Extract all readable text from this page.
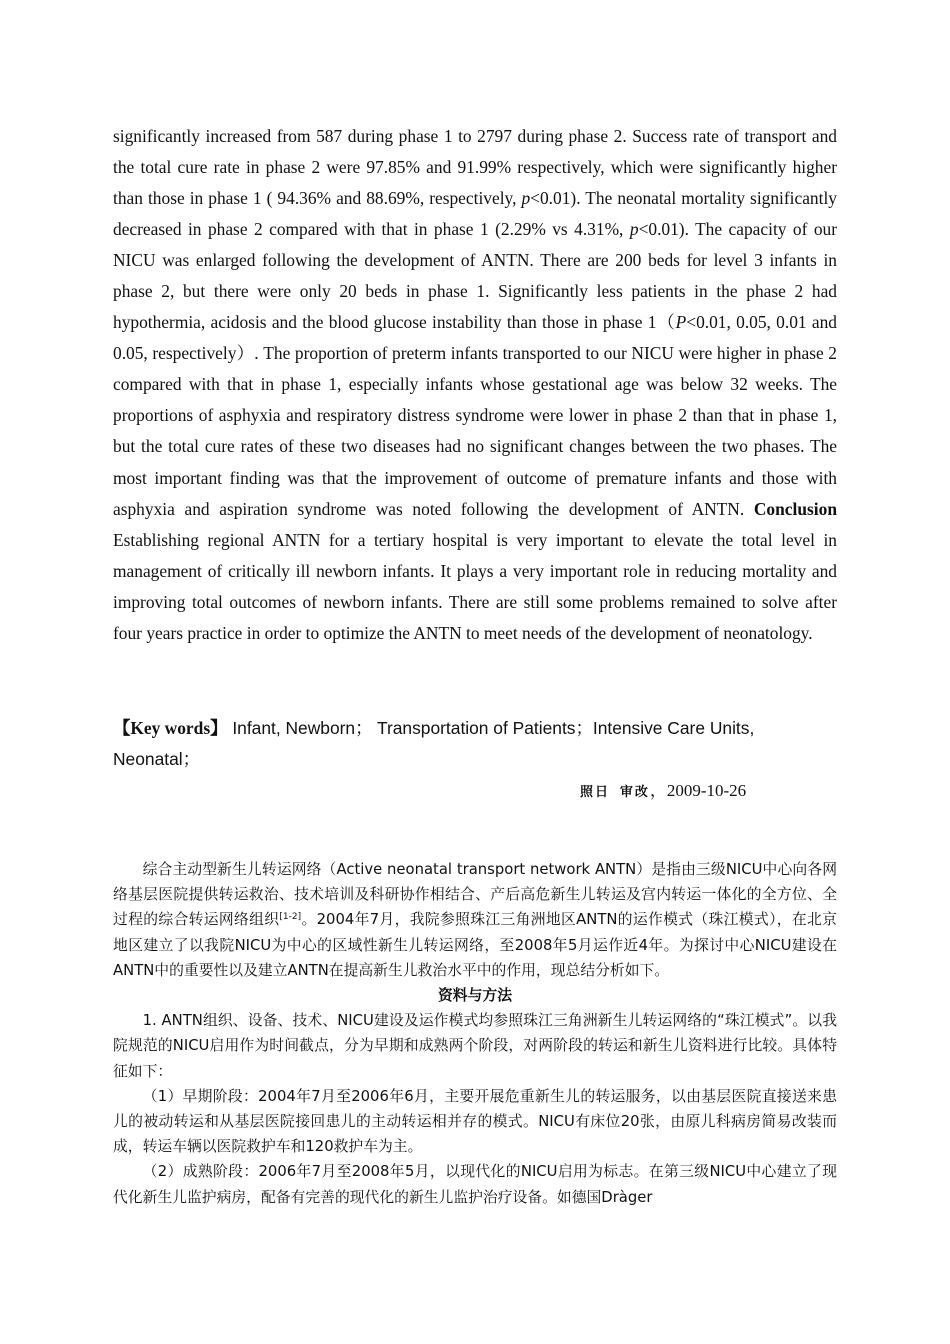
significantly increased from 587 during phase 1 to 2797 during phase 2. Success rate of transport and the total cure rate in phase 2 were 97.85% and 91.99% respectively, which were significantly higher than those in phase 1 ( 94.36% and 88.69%, respectively, p<0.01). The neonatal mortality significantly decreased in phase 2 compared with that in phase 1 (2.29% vs 4.31%, p<0.01). The capacity of our NICU was enlarged following the development of ANTN. There are 200 beds for level 3 infants in phase 2, but there were only 20 beds in phase 1. Significantly less patients in the phase 2 had hypothermia, acidosis and the blood glucose instability than those in phase 1（P<0.01, 0.05, 0.01 and 0.05, respectively）. The proportion of preterm infants transported to our NICU were higher in phase 2 compared with that in phase 1, especially infants whose gestational age was below 32 weeks. The proportions of asphyxia and respiratory distress syndrome were lower in phase 2 than that in phase 1, but the total cure rates of these two diseases had no significant changes between the two phases. The most important finding was that the improvement of outcome of premature infants and those with asphyxia and aspiration syndrome was noted following the development of ANTN. Conclusion Establishing regional ANTN for a tertiary hospital is very important to elevate the total level in management of critically ill newborn infants. It plays a very important role in reducing mortality and improving total outcomes of newborn infants. There are still some problems remained to solve after four years practice in order to optimize the ANTN to meet needs of the development of neonatology.

【Key words】 Infant, Newborn； Transportation of Patients；Intensive Care Units, Neonatal；
照日 审改，2009-10-26

综合主动型新生儿转运网络（Active neonatal transport network ANTN）是指由三级NICU中心向各网络基层医院提供转运救治、技术培训及科研协作相结合、产后高危新生儿转运及宫内转运一体化的全方位、全过程的综合转运网络组织[1-2]。2004年7月，我院参照珠江三角洲地区ANTN的运作模式（珠江模式），在北京地区建立了以我院NICU为中心的区域性新生儿转运网络，至2008年5月运作近4年。为探讨中心NICU建设在ANTN中的重要性以及建立ANTN在提高新生儿救治水平中的作用，现总结分析如下。

资料与方法

1. ANTN组织、设备、技术、NICU建设及运作模式均参照珠江三角洲新生儿转运网络的“珠江模式”。以我院规范的NICU启用作为时间截点，分为早期和成熟两个阶段，对两阶段的转运和新生儿资料进行比较。具体特征如下：

（1）早期阶段：2004年7月至2006年6月，主要开展危重新生儿的转运服务，以由基层医院直接送来患儿的被动转运和从基层医院接回患儿的主动转运相并存的模式。NICU有床位20张，由原儿科病房简易改装而成，转运车辆以医院救护车和120救护车为主。

（2）成熟阶段：2006年7月至2008年5月，以现代化的NICU启用为标志。在第三级NICU中心建立了现代化新生儿监护病房，配备有完善的现代化的新生儿监护治疗设备。如德国Dràger
